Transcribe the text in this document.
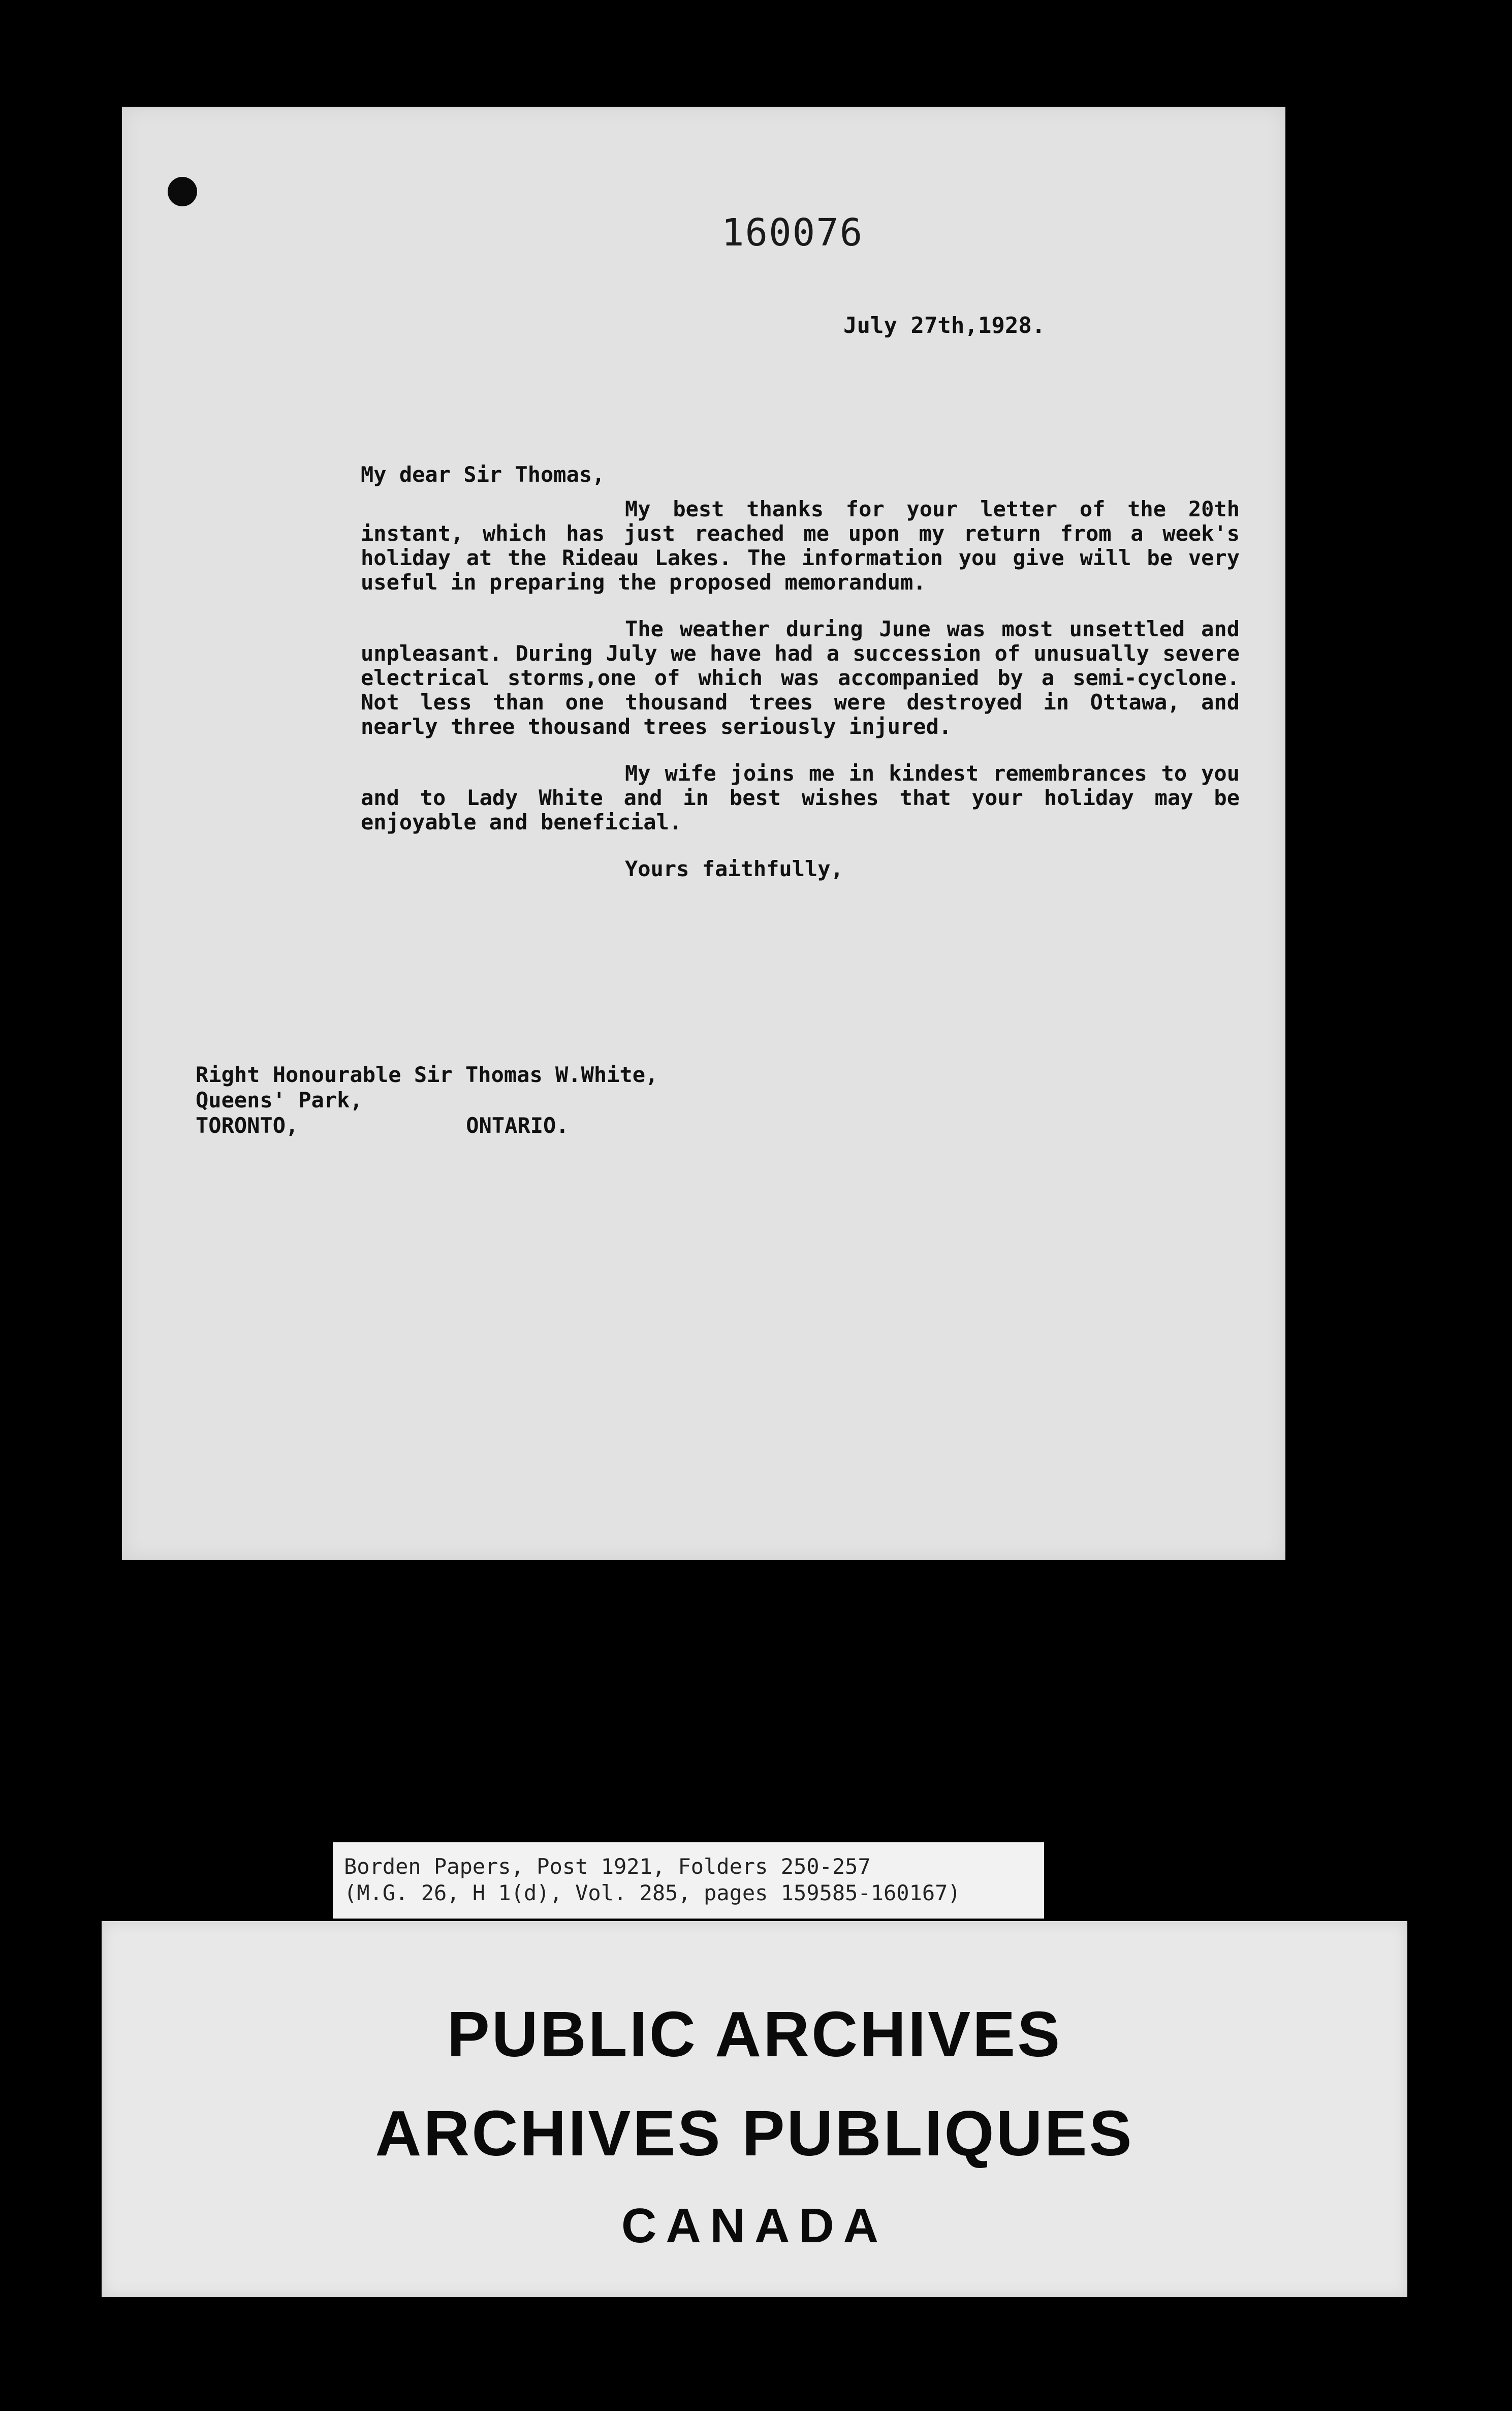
160076
July 27th,1928.
My dear Sir Thomas,

My best thanks for your letter of the 20th instant, which has just reached me upon my return from a week's holiday at the Rideau Lakes. The information you give will be very useful in preparing the proposed memorandum.

The weather during June was most unsettled and unpleasant. During July we have had a succession of unusually severe electrical storms,one of which was accompanied by a semi-cyclone. Not less than one thousand trees were destroyed in Ottawa, and nearly three thousand trees seriously injured.

My wife joins me in kindest remembrances to you and to Lady White and in best wishes that your holiday may be enjoyable and beneficial.

Yours faithfully,
Right Honourable Sir Thomas W.White,
Queens' Park,
TORONTO,	ONTARIO.
Borden Papers, Post 1921, Folders 250-257
(M.G. 26, H 1(d), Vol. 285, pages 159585-160167)
PUBLIC ARCHIVES
ARCHIVES PUBLIQUES
CANADA
